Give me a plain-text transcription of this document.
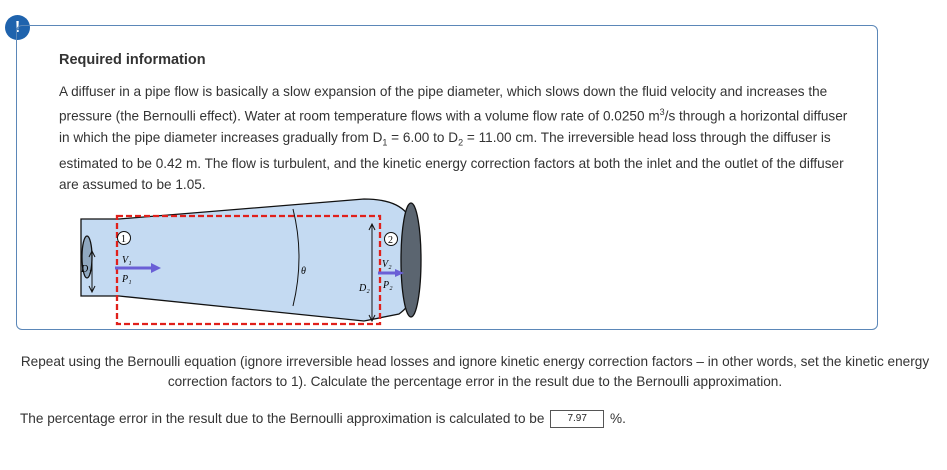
!
Required information

A diffuser in a pipe flow is basically a slow expansion of the pipe diameter, which slows down the fluid velocity and increases the pressure (the Bernoulli effect). Water at room temperature flows with a volume flow rate of 0.0250 $m^3/s$ through a horizontal diffuser in which the pipe diameter increases gradually from $D_1 = 6.00$ to $D_2 = 11.00$ cm. The irreversible head loss through the diffuser is estimated to be 0.42 m. The flow is turbulent, and the kinetic energy correction factors at both the inlet and the outlet of the diffuser are assumed to be 1.05.

D₁
1
V₁
P₁
θ
D₂
2
V₂
P₂

Repeat using the Bernoulli equation (ignore irreversible head losses and ignore kinetic energy correction factors – in other words, set the kinetic energy correction factors to 1). Calculate the percentage error in the result due to the Bernoulli approximation.

The percentage error in the result due to the Bernoulli approximation is calculated to be 7.97	%.
